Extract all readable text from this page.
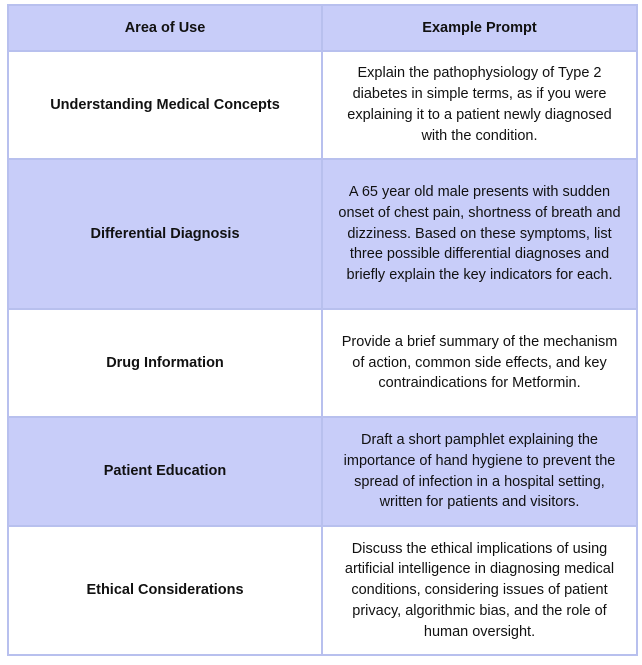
Area of Use	Example Prompt
Understanding Medical Concepts	Explain the pathophysiology of Type 2 diabetes in simple terms, as if you were explaining it to a patient newly diagnosed with the condition.
Differential Diagnosis	A 65 year old male presents with sudden onset of chest pain, shortness of breath and dizziness. Based on these symptoms, list three possible differential diagnoses and briefly explain the key indicators for each.
Drug Information	Provide a brief summary of the mechanism of action, common side effects, and key contraindications for Metformin.
Patient Education	Draft a short pamphlet explaining the importance of hand hygiene to prevent the spread of infection in a hospital setting, written for patients and visitors.
Ethical Considerations	Discuss the ethical implications of using artificial intelligence in diagnosing medical conditions, considering issues of patient privacy, algorithmic bias, and the role of human oversight.
